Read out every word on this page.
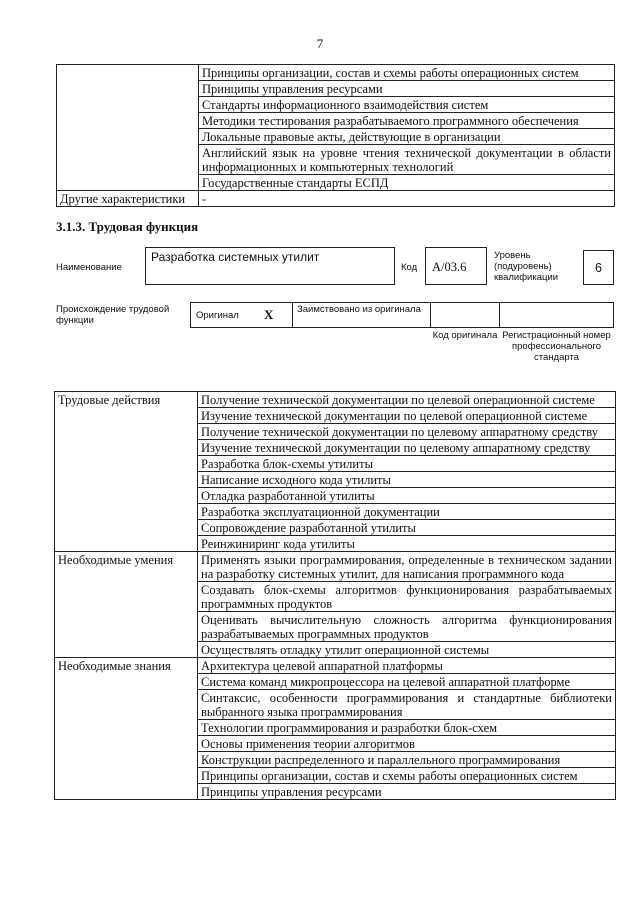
7
	Принципы организации, состав и схемы работы операционных систем
	Принципы управления ресурсами
	Стандарты информационного взаимодействия систем
	Методики тестирования разрабатываемого программного обеспечения
	Локальные правовые акты, действующие в организации
	Английский язык на уровне чтения технической документации в области информационных и компьютерных технологий
	Государственные стандарты ЕСПД
Другие характеристики	-
3.1.3. Трудовая функция
Наименование
Разработка системных утилит
Код A/03.6
Уровень (подуровень) квалификации
6
Происхождение трудовой функции	Оригинал X Заимствовано из оригинала
Код оригинала Регистрационный номер профессионального стандарта
Трудовые действия	Получение технической документации по целевой операционной системе
	Изучение технической документации по целевой операционной системе
	Получение технической документации по целевому аппаратному средству
	Изучение технической документации по целевому аппаратному средству
	Разработка блок-схемы утилиты
	Написание исходного кода утилиты
	Отладка разработанной утилиты
	Разработка эксплуатационной документации
	Сопровождение разработанной утилиты
	Реинжиниринг кода утилиты
Необходимые умения	Применять языки программирования, определенные в техническом задании на разработку системных утилит, для написания программного кода
	Создавать блок-схемы алгоритмов функционирования разрабатываемых программных продуктов
	Оценивать вычислительную сложность алгоритма функционирования разрабатываемых программных продуктов
	Осуществлять отладку утилит операционной системы
Необходимые знания	Архитектура целевой аппаратной платформы
	Система команд микропроцессора на целевой аппаратной платформе
	Синтаксис, особенности программирования и стандартные библиотеки выбранного языка программирования
	Технологии программирования и разработки блок-схем
	Основы применения теории алгоритмов
	Конструкции распределенного и параллельного программирования
	Принципы организации, состав и схемы работы операционных систем
	Принципы управления ресурсами
